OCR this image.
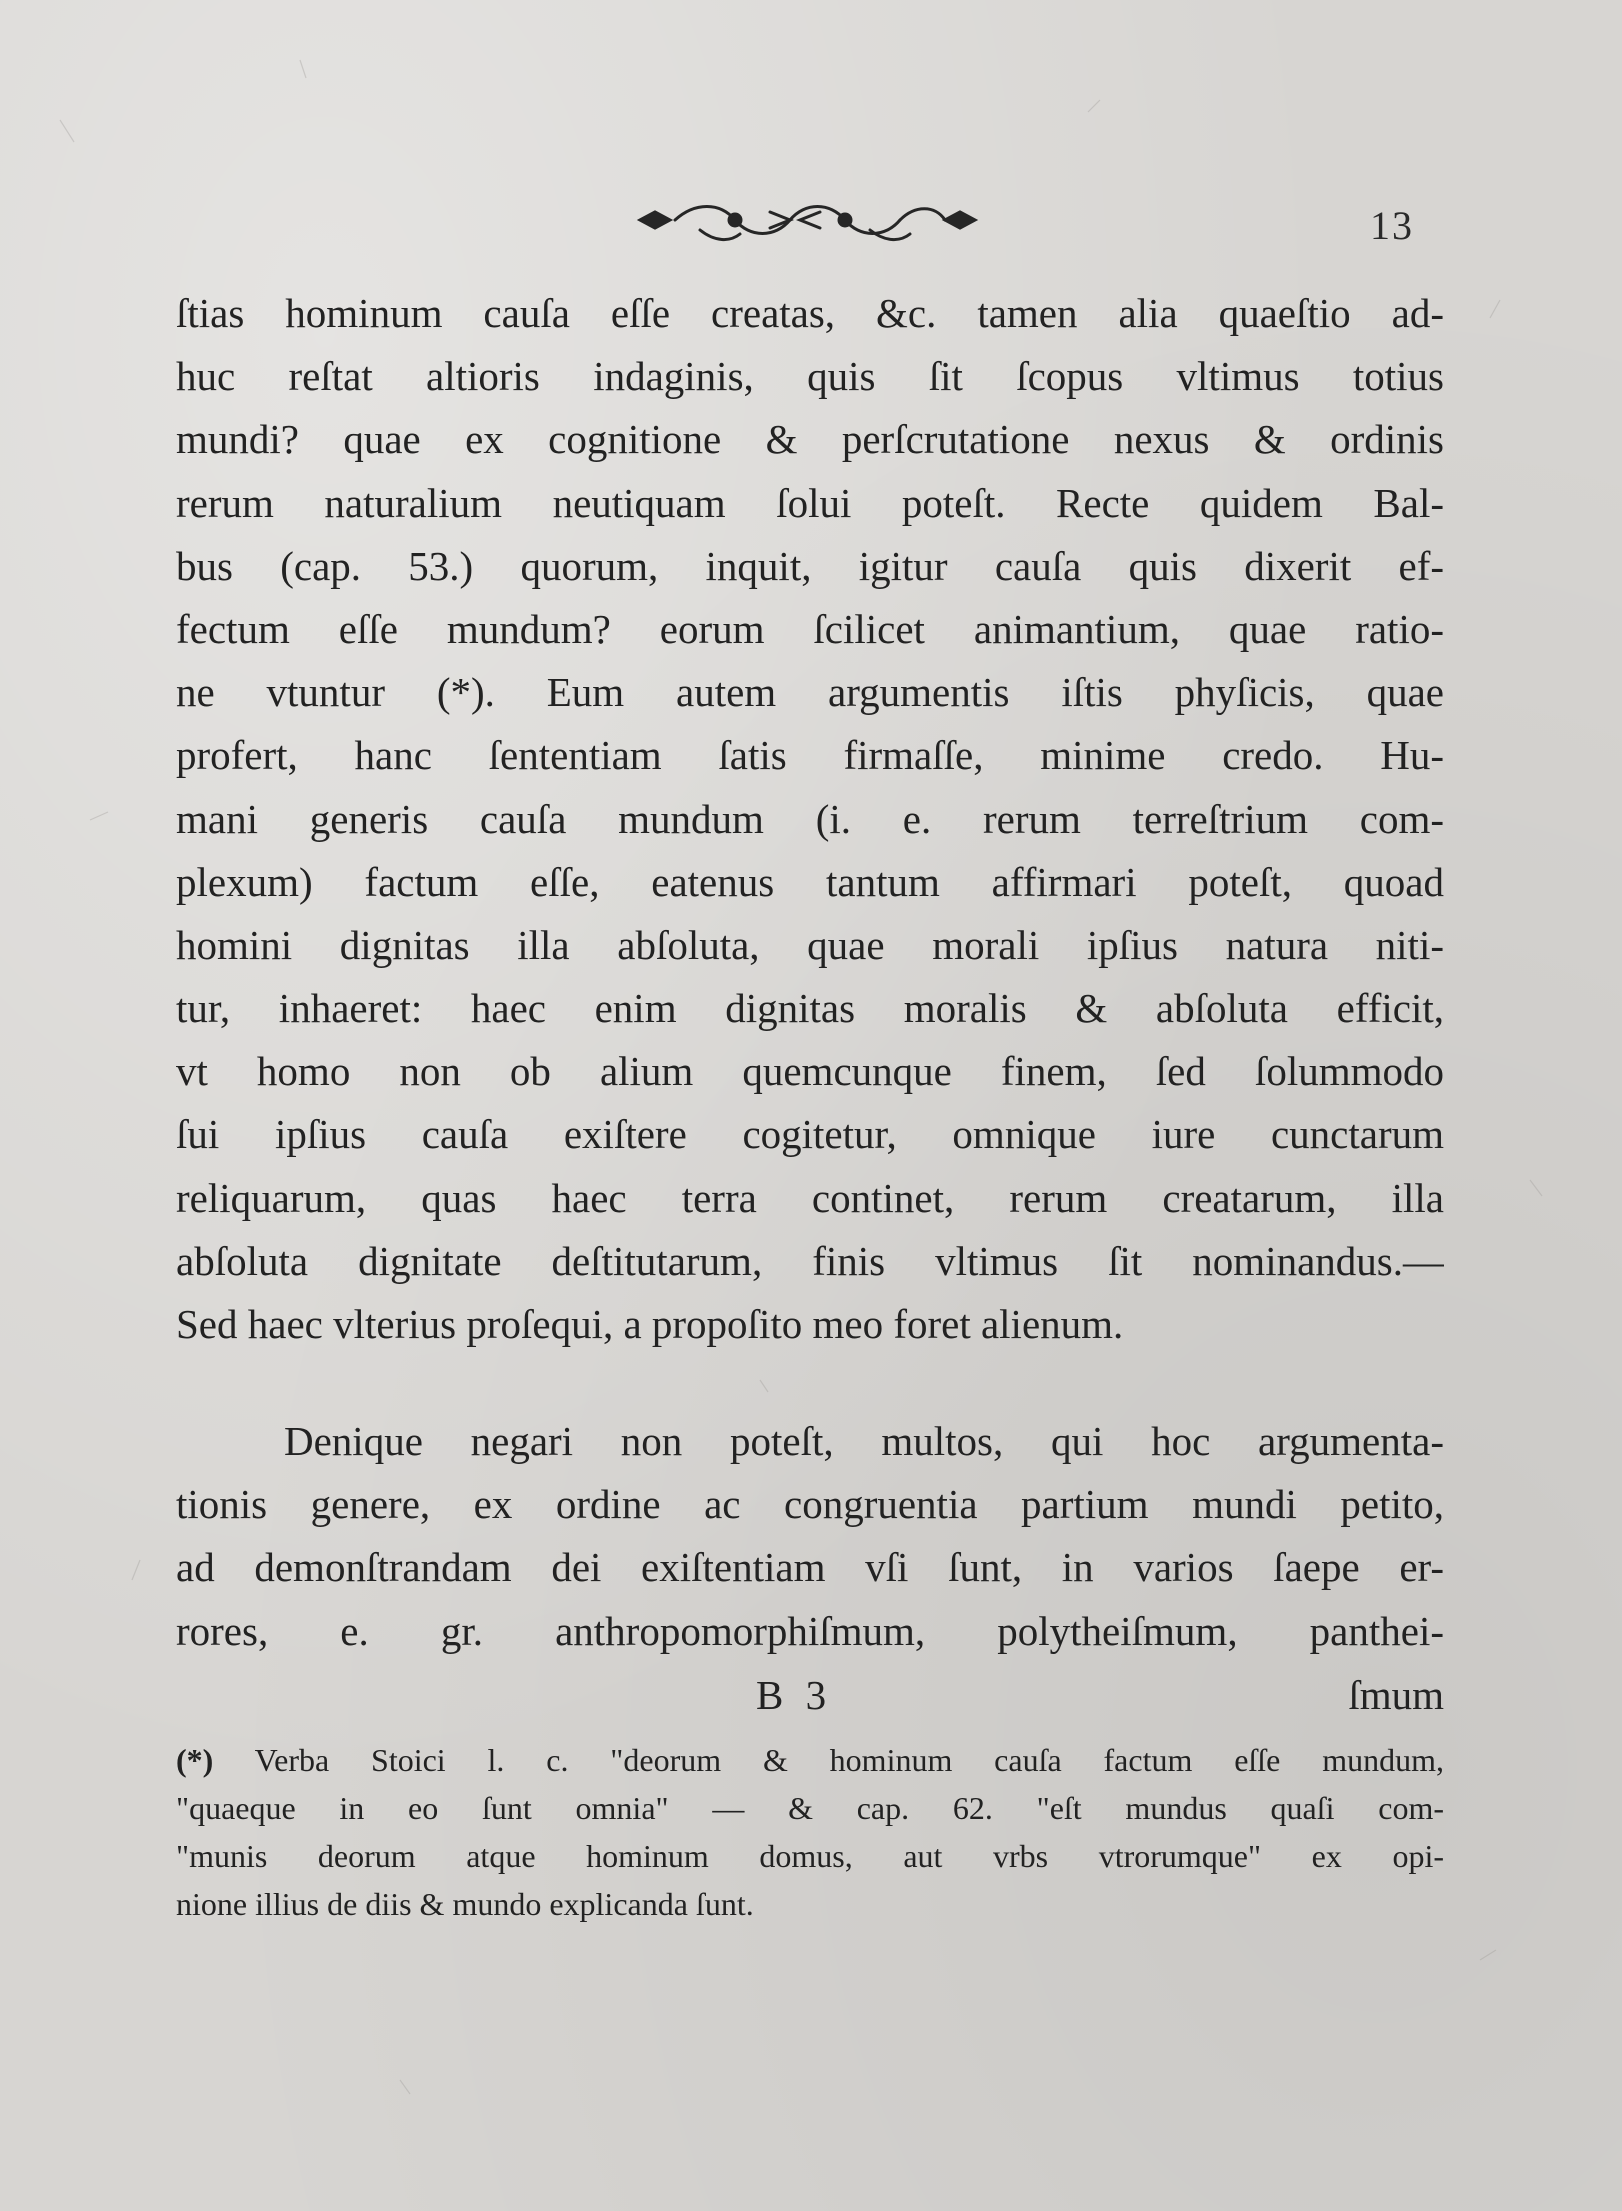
13
ſtias hominum cauſa eſſe creatas, &c. tamen alia quaeſtio ad-
huc reſtat altioris indaginis, quis ſit ſcopus vltimus totius
mundi? quae ex cognitione & perſcrutatione nexus & ordinis
rerum naturalium neutiquam ſolui poteſt. Recte quidem Bal-
bus (cap. 53.) quorum, inquit, igitur cauſa quis dixerit ef-
fectum eſſe mundum? eorum ſcilicet animantium, quae ratio-
ne vtuntur (*). Eum autem argumentis iſtis phyſicis, quae
profert, hanc ſententiam ſatis firmaſſe, minime credo. Hu-
mani generis cauſa mundum (i. e. rerum terreſtrium com-
plexum) factum eſſe, eatenus tantum affirmari poteſt, quoad
homini dignitas illa abſoluta, quae morali ipſius natura niti-
tur, inhaeret: haec enim dignitas moralis & abſoluta efficit,
vt homo non ob alium quemcunque finem, ſed ſolummodo
ſui ipſius cauſa exiſtere cogitetur, omnique iure cunctarum
reliquarum, quas haec terra continet, rerum creatarum, illa
abſoluta dignitate deſtitutarum, finis vltimus ſit nominandus.—
Sed haec vlterius proſequi, a propoſito meo foret alienum.
Denique negari non poteſt, multos, qui hoc argumenta-
tionis genere, ex ordine ac congruentia partium mundi petito,
ad demonſtrandam dei exiſtentiam vſi ſunt, in varios ſaepe er-
rores, e. gr. anthropomorphiſmum, polytheiſmum, panthei-
B 3	ſmum
(*) Verba Stoici l. c. "deorum & hominum cauſa factum eſſe mundum,
"quaeque in eo ſunt omnia" — & cap. 62. "eſt mundus quaſi com-
"munis deorum atque hominum domus, aut vrbs vtrorumque" ex opi-
nione illius de diis & mundo explicanda ſunt.
